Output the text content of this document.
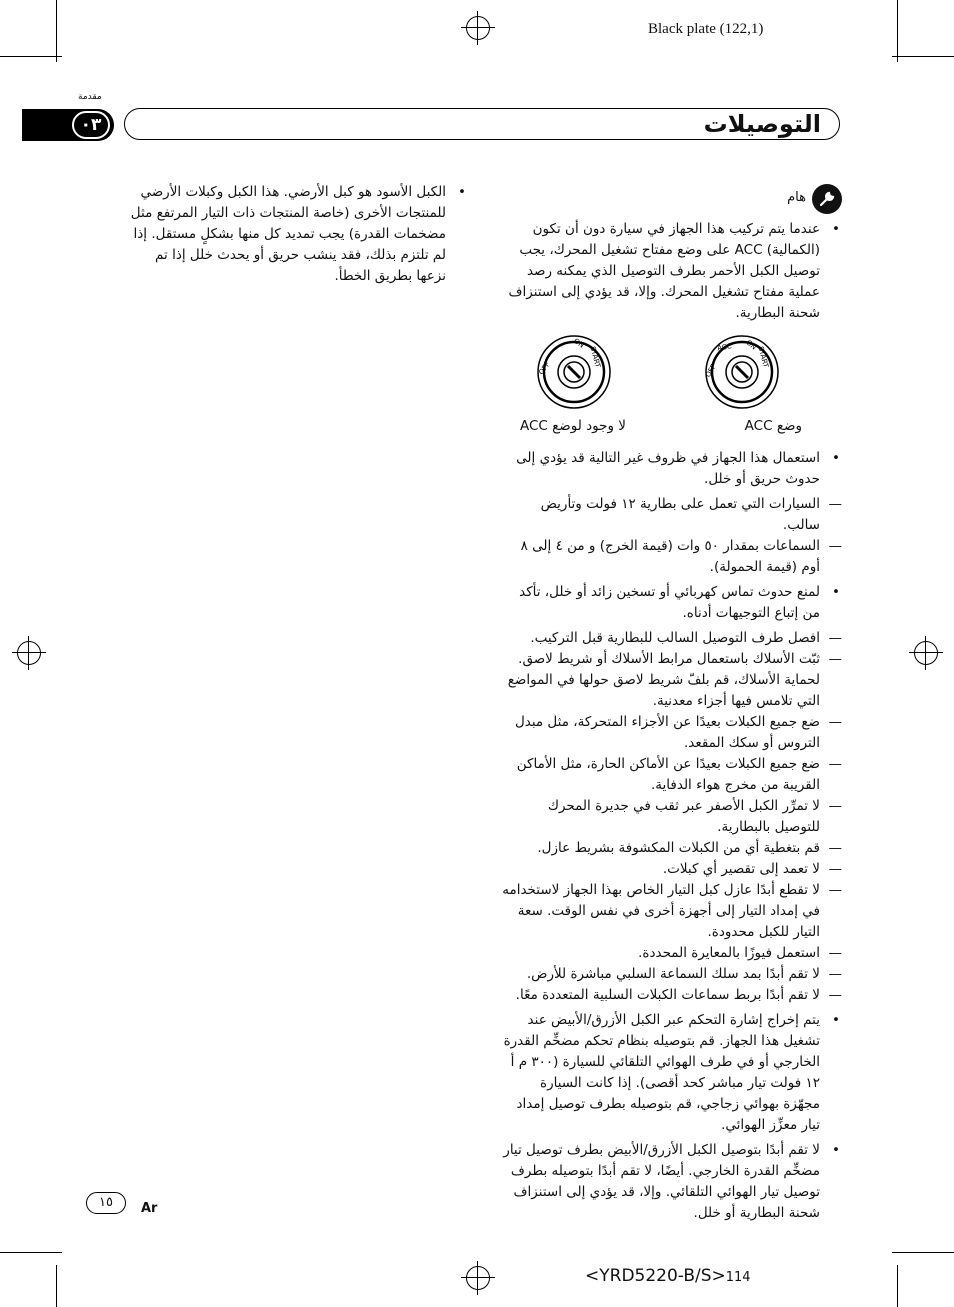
Black plate (122,1)
مقدمة
٠٣	التوصيلات
هام

• عندما يتم تركيب هذا الجهاز في سيارة دون أن تكون (الكمالية) ACC على وضع مفتاح تشغيل المحرك، يجب توصيل الكبل الأحمر بطرف التوصيل الذي يمكنه رصد عملية مفتاح تشغيل المحرك. وإلا، قد يؤدي إلى استنزاف شحنة البطارية.

OFF
ACC ON
START
OFF
ON
START
وضع ACC
لا وجود لوضع ACC

• استعمال هذا الجهاز في ظروف غير التالية قد يؤدي إلى حدوث حريق أو خلل.

— السيارات التي تعمل على بطارية ١٢ فولت وتأريض سالب.
— السماعات بمقدار ٥٠ وات (قيمة الخرج) و من ٤ إلى ٨ أوم (قيمة الحمولة).

• لمنع حدوث تماس كهربائي أو تسخين زائد أو خلل، تأكد من إتباع التوجيهات أدناه.

— افصل طرف التوصيل السالب للبطارية قبل التركيب.
— ثبّت الأسلاك باستعمال مرابط الأسلاك أو شريط لاصق. لحماية الأسلاك، قم بلفّ شريط لاصق حولها في المواضع التي تلامس فيها أجزاء معدنية.
— ضع جميع الكبلات بعيدًا عن الأجزاء المتحركة، مثل مبدل التروس أو سكك المقعد.
— ضع جميع الكبلات بعيدًا عن الأماكن الحارة، مثل الأماكن القريبة من مخرج هواء الدفاية.
— لا تمرِّر الكبل الأصفر عبر ثقب في جديرة المحرك للتوصيل بالبطارية.
— قم بتغطية أي من الكبلات المكشوفة بشريط عازل.
— لا تعمد إلى تقصير أي كبلات.
— لا تقطع أبدًا عازل كبل التيار الخاص بهذا الجهاز لاستخدامه في إمداد التيار إلى أجهزة أخرى في نفس الوقت. سعة التيار للكبل محدودة.
— استعمل فيوزًا بالمعايرة المحددة.
— لا تقم أبدًا بمد سلك السماعة السلبي مباشرة للأرض.
— لا تقم أبدًا بربط سماعات الكبلات السلبية المتعددة معًا.

• يتم إخراج إشارة التحكم عبر الكبل الأزرق/الأبيض عند تشغيل هذا الجهاز. قم بتوصيله بنظام تحكم مضخِّم القدرة الخارجي أو في طرف الهوائي التلقائي للسيارة (٣٠٠ م أ ١٢ فولت تيار مباشر كحد أقصى). إذا كانت السيارة مجهّزة بهوائي زجاجي، قم بتوصيله بطرف توصيل إمداد تيار معزِّز الهوائي.

• لا تقم أبدًا بتوصيل الكبل الأزرق/الأبيض بطرف توصيل تيار مضخِّم القدرة الخارجي. أيضًا، لا تقم أبدًا بتوصيله بطرف توصيل تيار الهوائي التلقائي. وإلا، قد يؤدي إلى استنزاف شحنة البطارية أو خلل.

• الكبل الأسود هو كبل الأرضي. هذا الكبل وكبلات الأرضي للمنتجات الأخرى (خاصة المنتجات ذات التيار المرتفع مثل مضخمات القدرة) يجب تمديد كل منها بشكلٍ مستقل. إذا لم تلتزم بذلك، فقد ينشب حريق أو يحدث خلل إذا تم نزعها بطريق الخطأ.

١٥	Ar
<YRD5220-B/S>114
